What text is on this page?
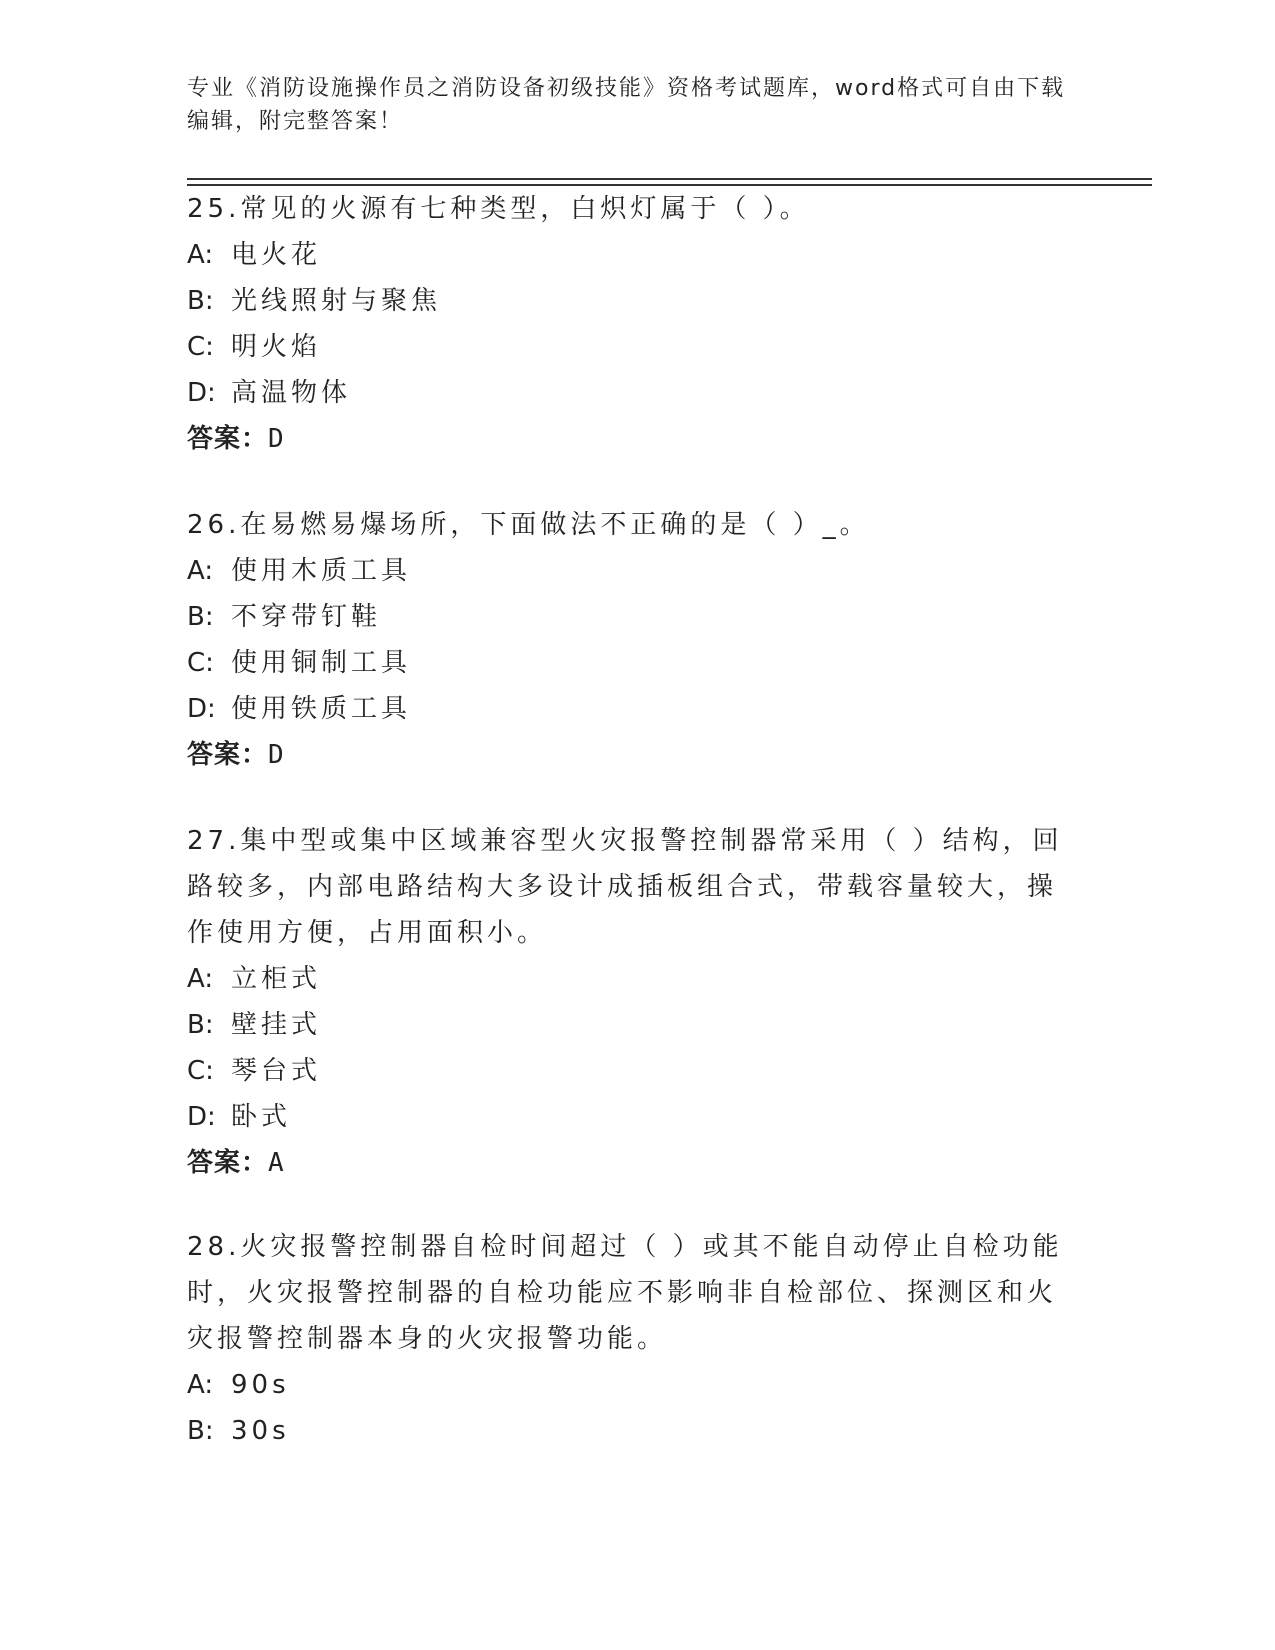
专业《消防设施操作员之消防设备初级技能》资格考试题库，word格式可自由下载编辑，附完整答案！

25.常见的火源有七种类型，白炽灯属于（ ）。

A: 电火花

B: 光线照射与聚焦

C: 明火焰

D: 高温物体

答案：D

26.在易燃易爆场所，下面做法不正确的是（ ）_。

A: 使用木质工具

B: 不穿带钉鞋

C: 使用铜制工具

D: 使用铁质工具

答案：D

27.集中型或集中区域兼容型火灾报警控制器常采用（ ）结构，回路较多，内部电路结构大多设计成插板组合式，带载容量较大，操作使用方便，占用面积小。

A: 立柜式

B: 壁挂式

C: 琴台式

D: 卧式

答案：A

28.火灾报警控制器自检时间超过（ ）或其不能自动停止自检功能时，火灾报警控制器的自检功能应不影响非自检部位、探测区和火灾报警控制器本身的火灾报警功能。

A: 90s

B: 30s
